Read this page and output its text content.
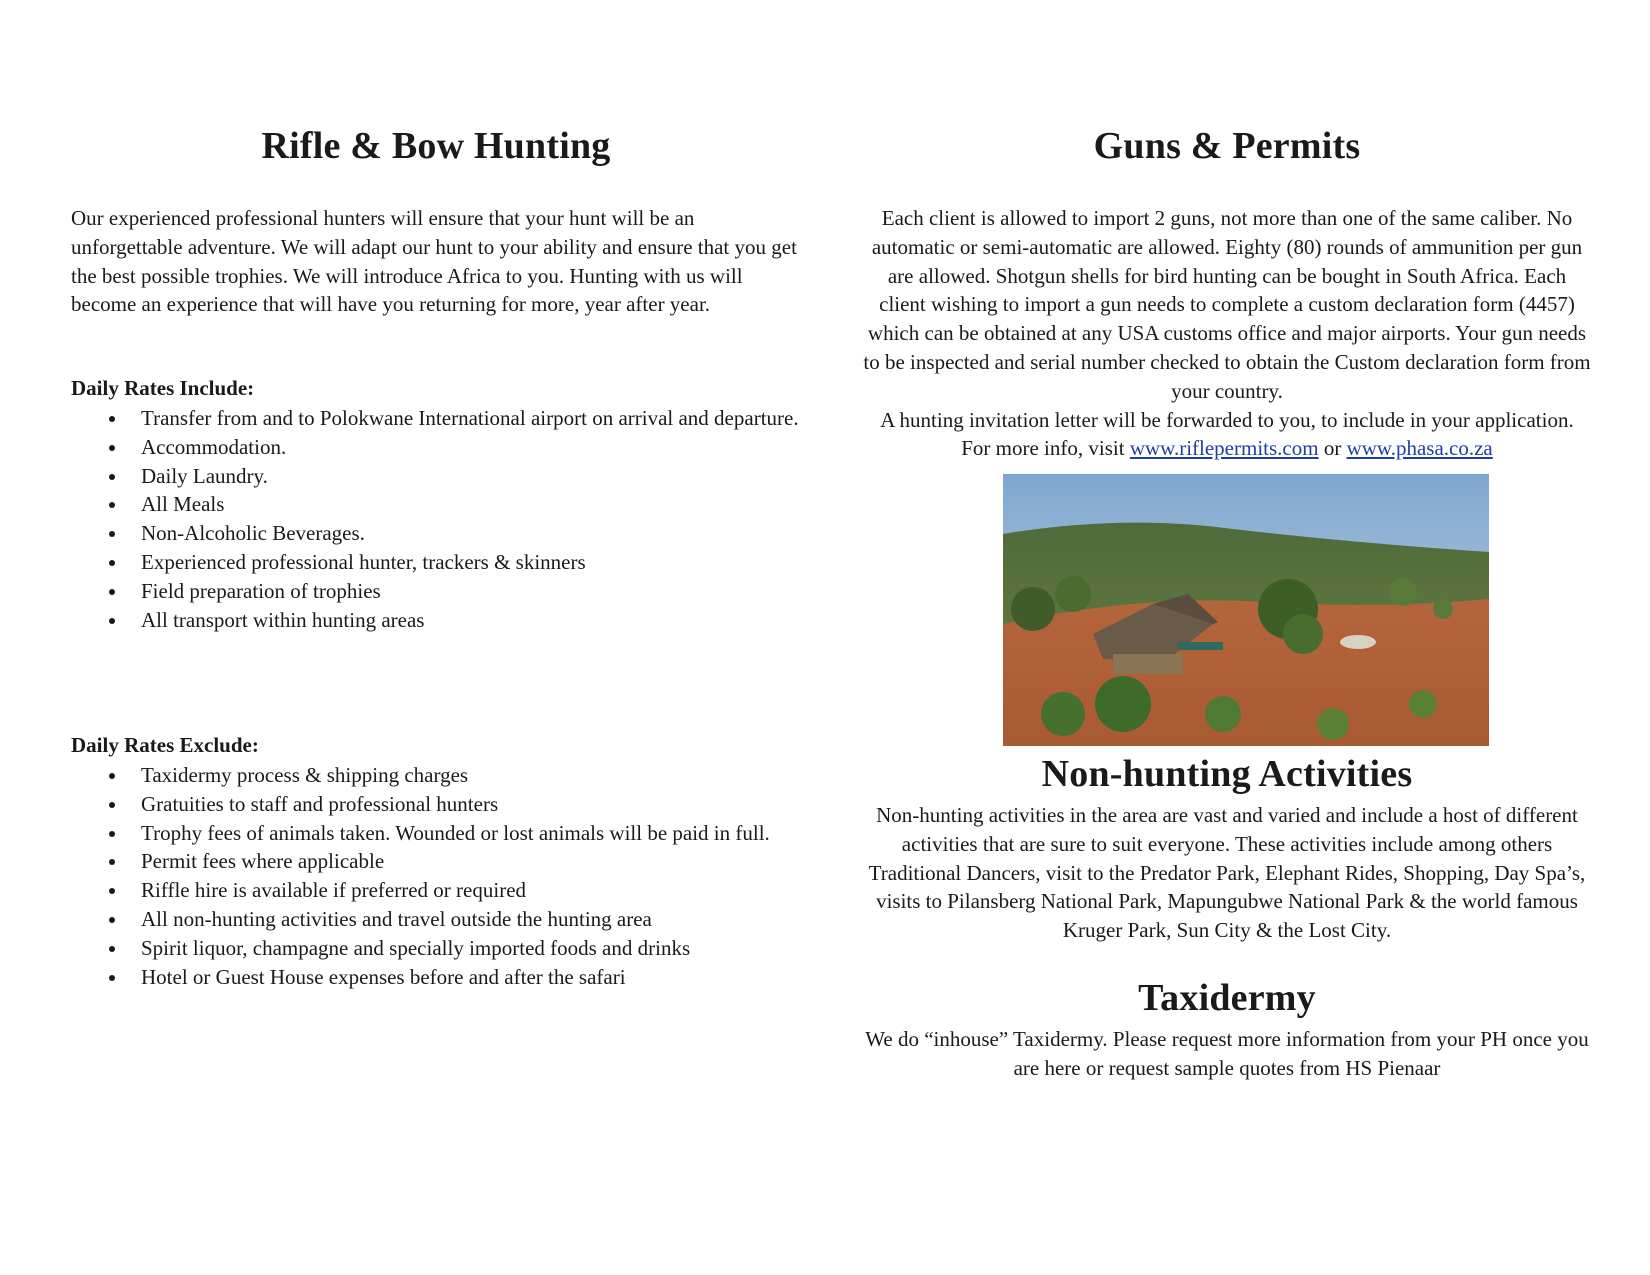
Rifle & Bow Hunting

Our experienced professional hunters will ensure that your hunt will be an unforgettable adventure. We will adapt our hunt to your ability and ensure that you get the best possible trophies. We will introduce Africa to you. Hunting with us will become an experience that will have you returning for more, year after year.

Daily Rates Include:
Transfer from and to Polokwane International airport on arrival and departure.
Accommodation.
Daily Laundry.
All Meals
Non-Alcoholic Beverages.
Experienced professional hunter, trackers & skinners
Field preparation of trophies
All transport within hunting areas
Daily Rates Exclude:
Taxidermy process & shipping charges
Gratuities to staff and professional hunters
Trophy fees of animals taken. Wounded or lost animals will be paid in full.
Permit fees where applicable
Riffle hire is available if preferred or required
All non-hunting activities and travel outside the hunting area
Spirit liquor, champagne and specially imported foods and drinks
Hotel or Guest House expenses before and after the safari
Guns & Permits

Each client is allowed to import 2 guns, not more than one of the same caliber. No automatic or semi-automatic are allowed. Eighty (80) rounds of ammunition per gun are allowed. Shotgun shells for bird hunting can be bought in South Africa. Each client wishing to import a gun needs to complete a custom declaration form (4457) which can be obtained at any USA customs office and major airports. Your gun needs to be inspected and serial number checked to obtain the Custom declaration form from your country.

A hunting invitation letter will be forwarded to you, to include in your application.

For more info, visit www.riflepermits.com or www.phasa.co.za

Non-hunting Activities

Non-hunting activities in the area are vast and varied and include a host of different activities that are sure to suit everyone. These activities include among others Traditional Dancers, visit to the Predator Park, Elephant Rides, Shopping, Day Spa’s, visits to Pilansberg National Park, Mapungubwe National Park & the world famous Kruger Park, Sun City & the Lost City.

Taxidermy

We do “inhouse” Taxidermy. Please request more information from your PH once you are here or request sample quotes from HS Pienaar
